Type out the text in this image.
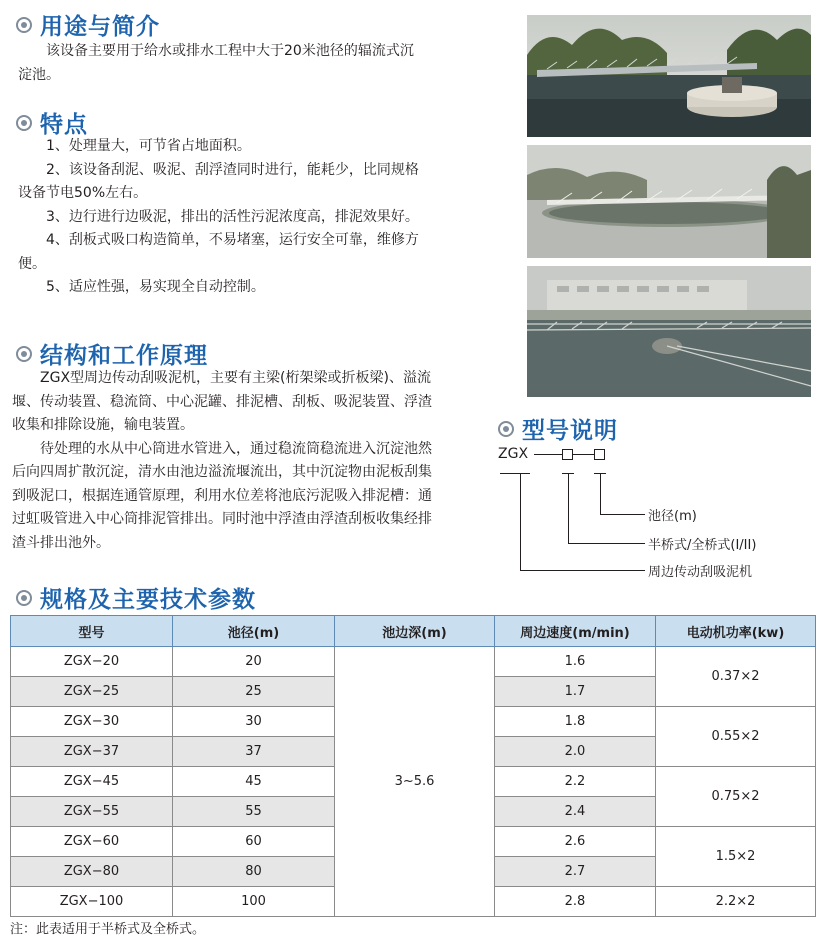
用途与简介

该设备主要用于给水或排水工程中大于20米池径的辐流式沉淀池。

特点

1、处理量大，可节省占地面积。

2、该设备刮泥、吸泥、刮浮渣同时进行，能耗少，比同规格设备节电50%左右。

3、边行进行边吸泥，排出的活性污泥浓度高，排泥效果好。

4、刮板式吸口构造简单，不易堵塞，运行安全可靠，维修方便。

5、适应性强，易实现全自动控制。

结构和工作原理

ZGX型周边传动刮吸泥机，主要有主梁(桁架梁或折板梁)、溢流堰、传动装置、稳流筒、中心泥罐、排泥槽、刮板、吸泥装置、浮渣收集和排除设施，输电装置。

待处理的水从中心筒进水管进入，通过稳流筒稳流进入沉淀池然后向四周扩散沉淀，清水由池边溢流堰流出，其中沉淀物由泥板刮集到吸泥口，根据连通管原理，利用水位差将池底污泥吸入排泥槽：通过虹吸管进入中心筒排泥管排出。同时池中浮渣由浮渣刮板收集经排渣斗排出池外。

型号说明
ZGX
池径(m)
半桥式/全桥式(I/II)
周边传动刮吸泥机
规格及主要技术参数
型号	池径(m)	池边深(m)	周边速度(m/min)	电动机功率(kw)
ZGX−20	20	3~5.6	1.6	0.37×2
ZGX−25	25		1.7	
ZGX−30	30		1.8	0.55×2
ZGX−37	37		2.0	
ZGX−45	45		2.2	0.75×2
ZGX−55	55		2.4	
ZGX−60	60		2.6	1.5×2
ZGX−80	80		2.7	
ZGX−100	100		2.8	2.2×2
注：此表适用于半桥式及全桥式。
